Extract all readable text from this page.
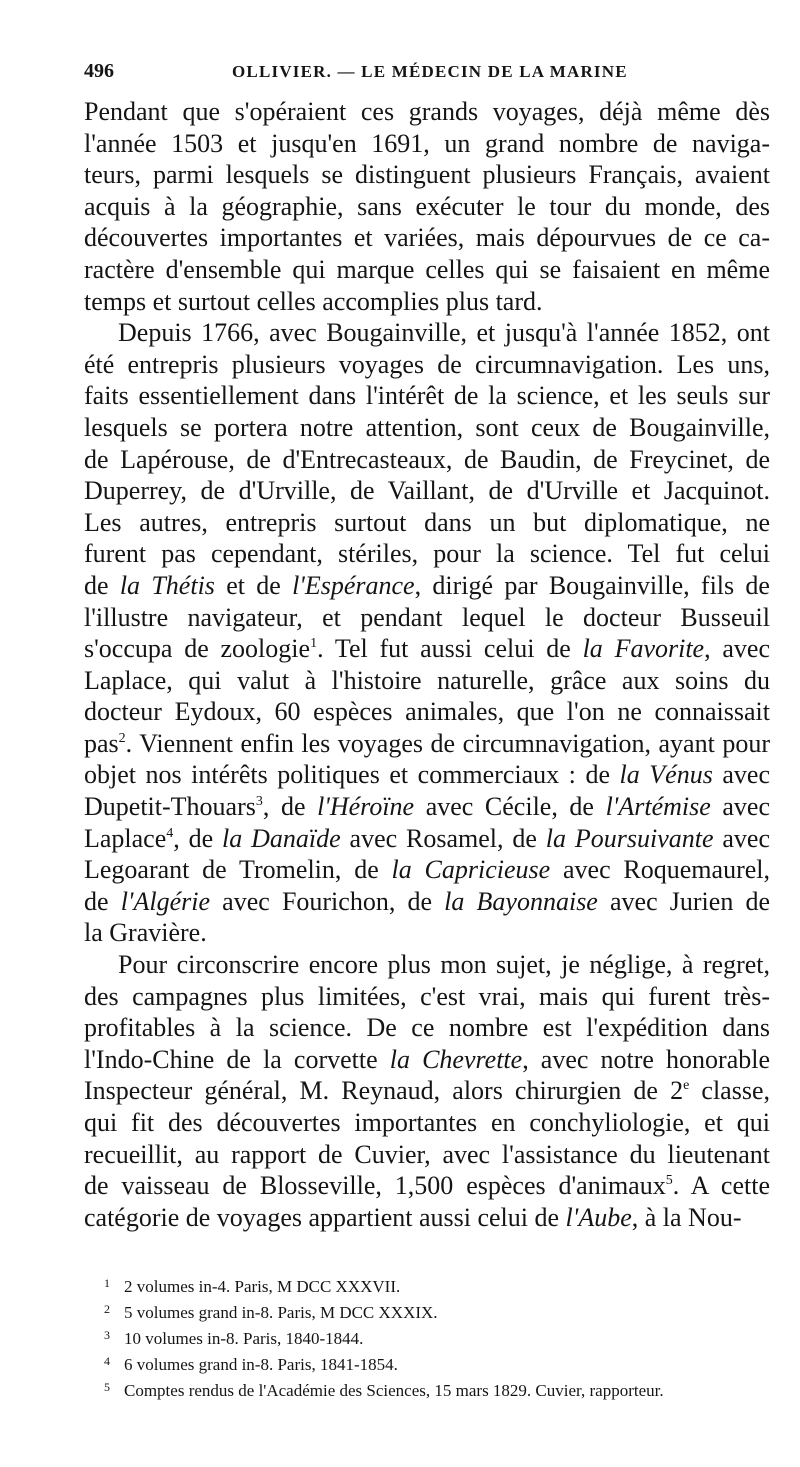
496	OLLIVIER. — LE MÉDECIN DE LA MARINE
Pendant que s'opéraient ces grands voyages, déjà même dès
l'année 1503 et jusqu'en 1691, un grand nombre de naviga-
teurs, parmi lesquels se distinguent plusieurs Français, avaient
acquis à la géographie, sans exécuter le tour du monde, des
découvertes importantes et variées, mais dépourvues de ce ca-
ractère d'ensemble qui marque celles qui se faisaient en même
temps et surtout celles accomplies plus tard.
Depuis 1766, avec Bougainville, et jusqu'à l'année 1852, ont
été entrepris plusieurs voyages de circumnavigation. Les uns,
faits essentiellement dans l'intérêt de la science, et les seuls sur
lesquels se portera notre attention, sont ceux de Bougainville,
de Lapérouse, de d'Entrecasteaux, de Baudin, de Freycinet, de
Duperrey, de d'Urville, de Vaillant, de d'Urville et Jacquinot.
Les autres, entrepris surtout dans un but diplomatique, ne
furent pas cependant, stériles, pour la science. Tel fut celui
de la Thétis et de l'Espérance, dirigé par Bougainville, fils de
l'illustre navigateur, et pendant lequel le docteur Busseuil
s'occupa de zoologie$^1$. Tel fut aussi celui de la Favorite, avec
Laplace, qui valut à l'histoire naturelle, grâce aux soins du
docteur Eydoux, 60 espèces animales, que l'on ne connaissait
pas$^2$. Viennent enfin les voyages de circumnavigation, ayant pour
objet nos intérêts politiques et commerciaux : de la Vénus avec
Dupetit-Thouars$^3$, de l'Héroïne avec Cécile, de l'Artémise avec
Laplace$^4$, de la Danaïde avec Rosamel, de la Poursuivante avec
Legoarant de Tromelin, de la Capricieuse avec Roquemaurel,
de l'Algérie avec Fourichon, de la Bayonnaise avec Jurien de
la Gravière.
Pour circonscrire encore plus mon sujet, je néglige, à regret,
des campagnes plus limitées, c'est vrai, mais qui furent très-
profitables à la science. De ce nombre est l'expédition dans
l'Indo-Chine de la corvette la Chevrette, avec notre honorable
Inspecteur général, M. Reynaud, alors chirurgien de 2e classe,
qui fit des découvertes importantes en conchyliologie, et qui
recueillit, au rapport de Cuvier, avec l'assistance du lieutenant
de vaisseau de Blosseville, 1,500 espèces d'animaux$^5$. A cette
catégorie de voyages appartient aussi celui de l'Aube, à la Nou-
1 2 volumes in-4. Paris, M DCC XXXVII.
2 5 volumes grand in-8. Paris, M DCC XXXIX.
3 10 volumes in-8. Paris, 1840-1844.
4 6 volumes grand in-8. Paris, 1841-1854.
5 Comptes rendus de l'Académie des Sciences, 15 mars 1829. Cuvier, rapporteur.
